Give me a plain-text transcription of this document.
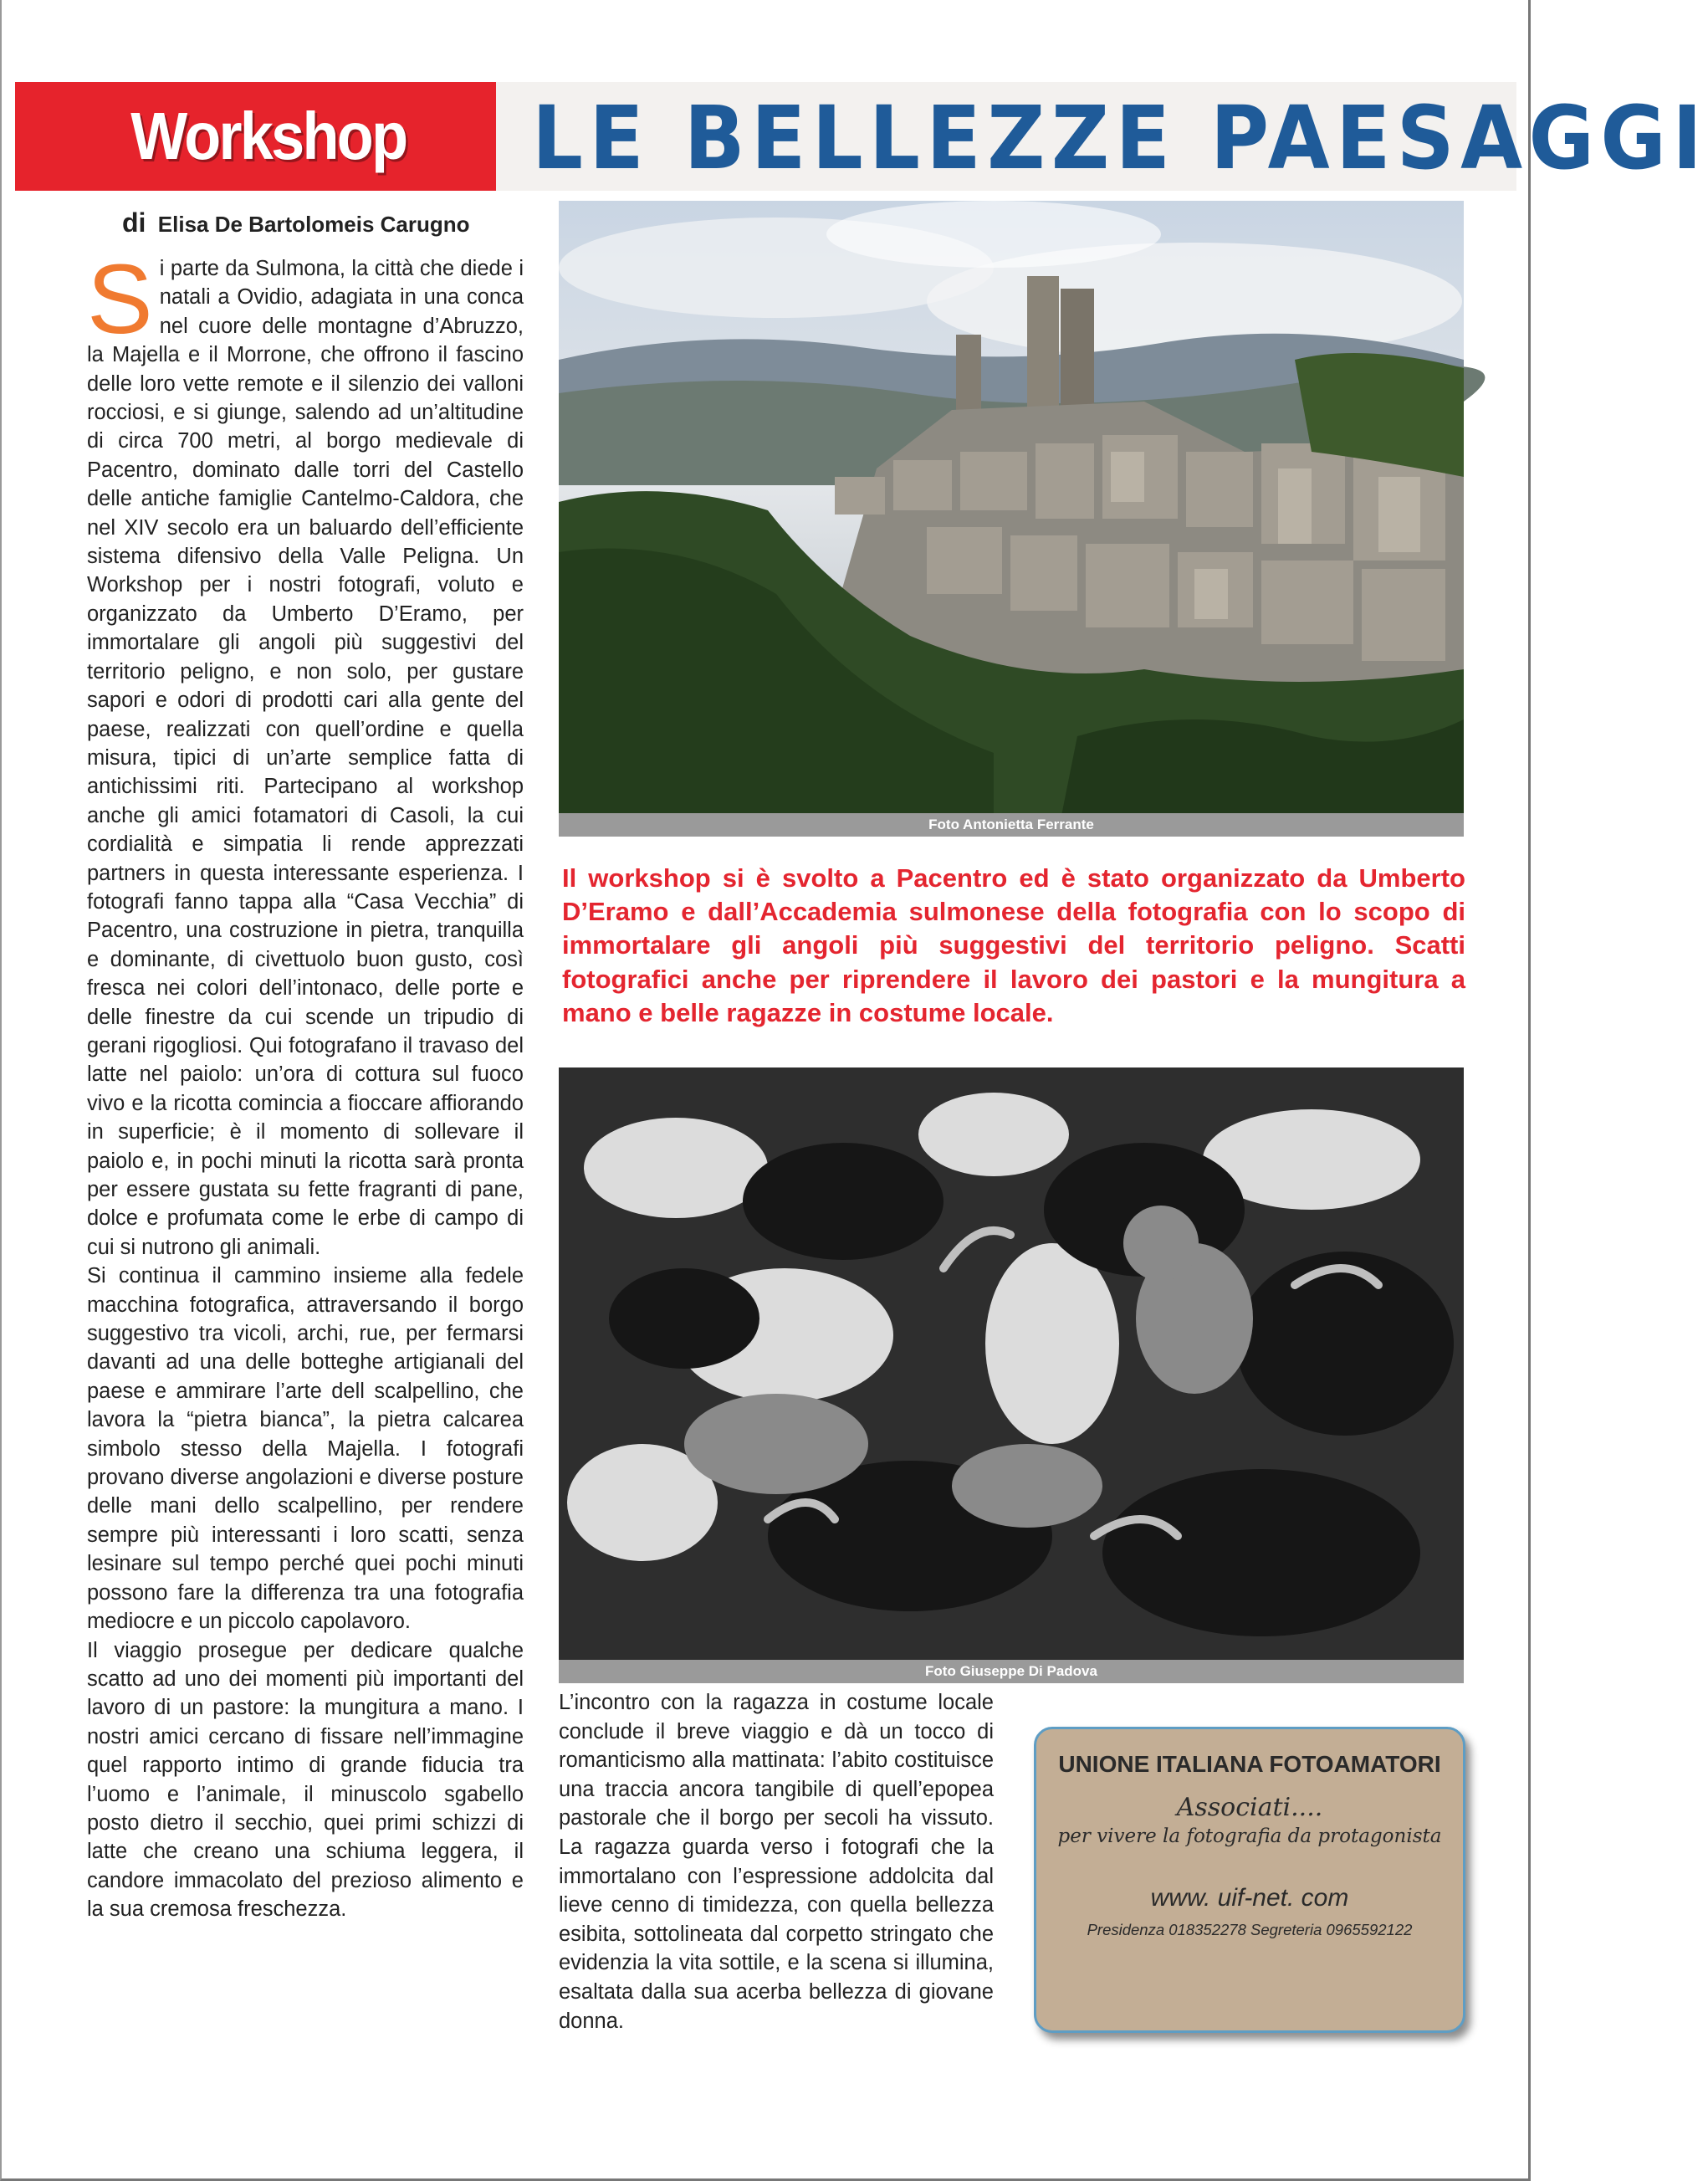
LE BELLEZZE PAESAGGI
Workshop
di Elisa De Bartolomeis Carugno

Si parte da Sulmona, la città che diede i natali a Ovidio, adagiata in una conca nel cuore delle montagne d’Abruzzo, la Majella e il Morrone, che offrono il fascino delle loro vette remote e il silenzio dei valloni rocciosi, e si giunge, salendo ad un’altitudine di circa 700 metri, al borgo medievale di Pacentro, dominato dalle torri del Castello delle antiche famiglie Cantelmo-Caldora, che nel XIV secolo era un baluardo dell’efficiente sistema difensivo della Valle Peligna. Un Workshop per i nostri fotografi, voluto e organizzato da Umberto D’Eramo, per immortalare gli angoli più suggestivi del territorio peligno, e non solo, per gustare sapori e odori di prodotti cari alla gente del paese, realizzati con quell’ordine e quella misura, tipici di un’arte semplice fatta di antichissimi riti. Partecipano al workshop anche gli amici fotamatori di Casoli, la cui cordialità e simpatia li rende apprezzati partners in questa interessante esperienza. I fotografi fanno tappa alla “Casa Vecchia” di Pacentro, una costruzione in pietra, tranquilla e dominante, di civettuolo buon gusto, così fresca nei colori dell’intonaco, delle porte e delle finestre da cui scende un tripudio di gerani rigogliosi. Qui fotografano il travaso del latte nel paiolo: un’ora di cottura sul fuoco vivo e la ricotta comincia a fioccare affiorando in superficie; è il momento di sollevare il paiolo e, in pochi minuti la ricotta sarà pronta per essere gustata su fette fragranti di pane, dolce e profumata come le erbe di campo di cui si nutrono gli animali.

Si continua il cammino insieme alla fedele macchina fotografica, attraversando il borgo suggestivo tra vicoli, archi, rue, per fermarsi davanti ad una delle botteghe artigianali del paese e ammirare l’arte dell scalpellino, che lavora la “pietra bianca”, la pietra calcarea simbolo stesso della Majella. I fotografi provano diverse angolazioni e diverse posture delle mani dello scalpellino, per rendere sempre più interessanti i loro scatti, senza lesinare sul tempo perché quei pochi minuti possono fare la differenza tra una fotografia mediocre e un piccolo capolavoro.

Il viaggio prosegue per dedicare qualche scatto ad uno dei momenti più importanti del lavoro di un pastore: la mungitura a mano. I nostri amici cercano di fissare nell’immagine quel rapporto intimo di grande fiducia tra l’uomo e l’animale, il minuscolo sgabello posto dietro il secchio, quei primi schizzi di latte che creano una schiuma leggera, il candore immacolato del prezioso alimento e la sua cremosa freschezza.

Foto Antonietta Ferrante
Il workshop si è svolto a Pacentro ed è stato organizzato da Umberto D’Eramo e dall’Accademia sulmonese della fotografia con lo scopo di immortalare gli angoli più suggestivi del territorio peligno. Scatti fotografici anche per riprendere il lavoro dei pastori e la mungitura a mano e belle ragazze in costume locale.
Foto Giuseppe Di Padova

L’incontro con la ragazza in costume locale conclude il breve viaggio e dà un tocco di romanticismo alla mattinata: l’abito costituisce una traccia ancora tangibile di quell’epopea pastorale che il borgo per secoli ha vissuto. La ragazza guarda verso i fotografi che la immortalano con l’espressione addolcita dal lieve cenno di timidezza, con quella bellezza esibita, sottolineata dal corpetto stringato che evidenzia la vita sottile, e la scena si illumina, esaltata dalla sua acerba bellezza di giovane donna.

UNIONE ITALIANA FOTOAMATORI
Associati....
per vivere la fotografia da protagonista
www. uif-net. com
Presidenza 018352278 Segreteria 0965592122
